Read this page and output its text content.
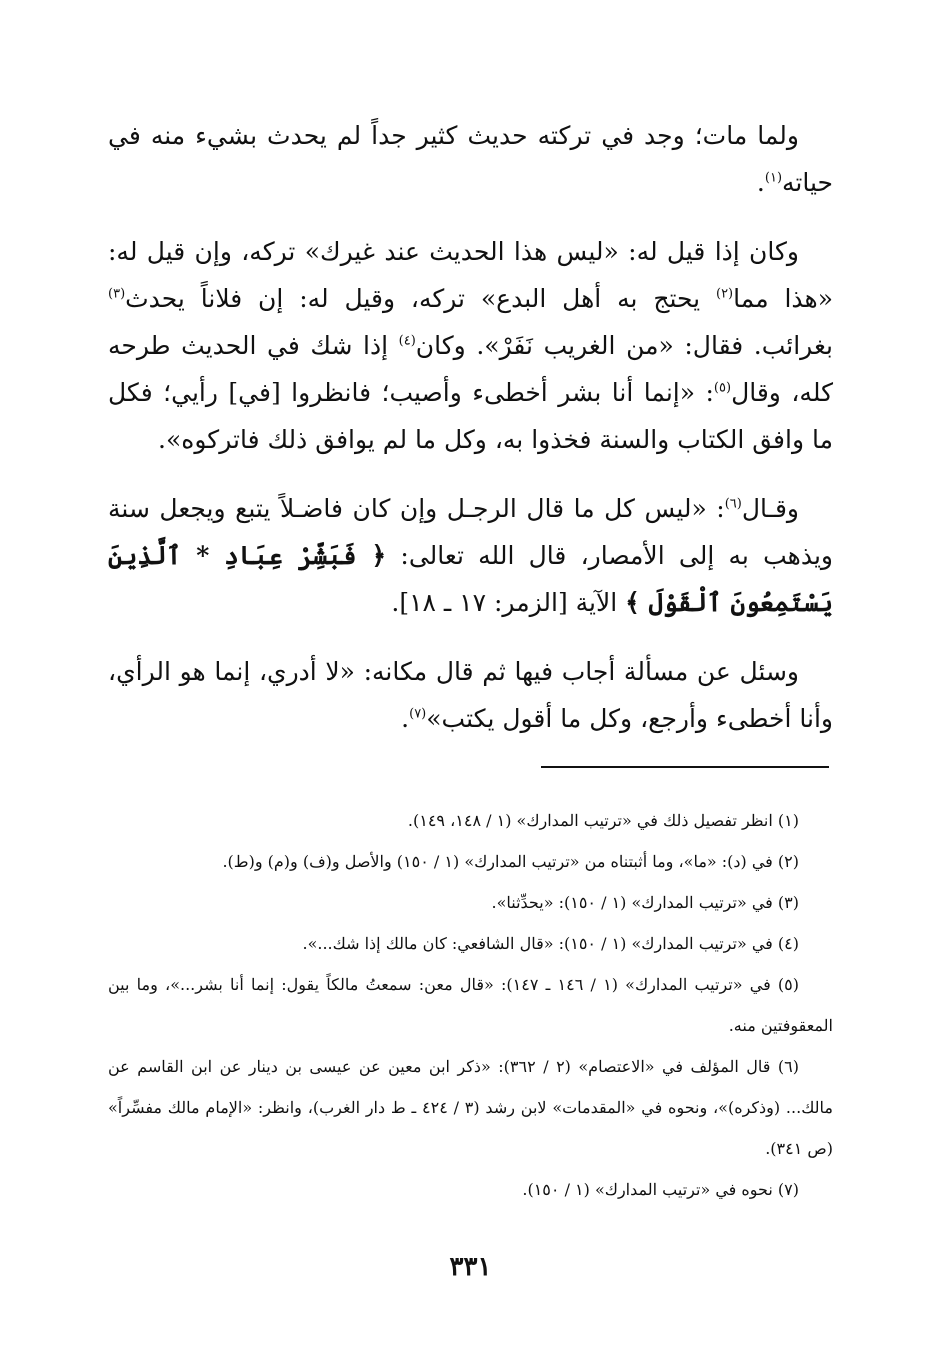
ولما مات؛ وجد في تركته حديث كثير جداً لم يحدث بشيء منه في حياته$^{(١)}$.

وكان إذا قيل له: «ليس هذا الحديث عند غيرك» تركه، وإن قيل له: «هذا مما$^{(٢)}$ يحتج به أهل البدع» تركه، وقيل له: إن فلاناً يحدث$^{(٣)}$ بغرائب. فقال: «من الغريب نَفَرْ». وكان$^{(٤)}$ إذا شك في الحديث طرحه كله، وقال$^{(٥)}$: «إنما أنا بشر أخطىء وأصيب؛ فانظروا [في] رأيي؛ فكل ما وافق الكتاب والسنة فخذوا به، وكل ما لم يوافق ذلك فاتركوه».

وقـال$^{(٦)}$: «ليس كل ما قال الرجـل وإن كان فاضـلاً يتبع ويجعل سنة ويذهب به إلى الأمصار، قال الله تعالى: ﴿ فَبَشِّرْ عِبَادِ * ٱلَّذِينَ يَسْتَمِعُونَ ٱلْقَوْلَ ﴾ الآية [الزمر: ١٧ ـ ١٨].

وسئل عن مسألة أجاب فيها ثم قال مكانه: «لا أدري، إنما هو الرأي، وأنا أخطىء وأرجع، وكل ما أقول يكتب»$^{(٧)}$.

(١) انظر تفصيل ذلك في «ترتيب المدارك» (١ / ١٤٨، ١٤٩).

(٢) في (د): «ما»، وما أثبتناه من «ترتيب المدارك» (١ / ١٥٠) والأصل و(ف) و(م) و(ط).

(٣) في «ترتيب المدارك» (١ / ١٥٠): «يحدِّثنا».

(٤) في «ترتيب المدارك» (١ / ١٥٠): «قال الشافعي: كان مالك إذا شك...».

(٥) في «ترتيب المدارك» (١ / ١٤٦ ـ ١٤٧): «قال معن: سمعتُ مالكاً يقول: إنما أنا بشر...»، وما بين المعقوفتين منه.

(٦) قال المؤلف في «الاعتصام» (٢ / ٣٦٢): «ذكر ابن معين عن عيسى بن دينار عن ابن القاسم عن مالك... (وذكره)»، ونحوه في «المقدمات» لابن رشد (٣ / ٤٢٤ ـ ط دار الغرب)، وانظر: «الإمام مالك مفسِّراً» (ص ٣٤١).

(٧) نحوه في «ترتيب المدارك» (١ / ١٥٠).

٣٣١
